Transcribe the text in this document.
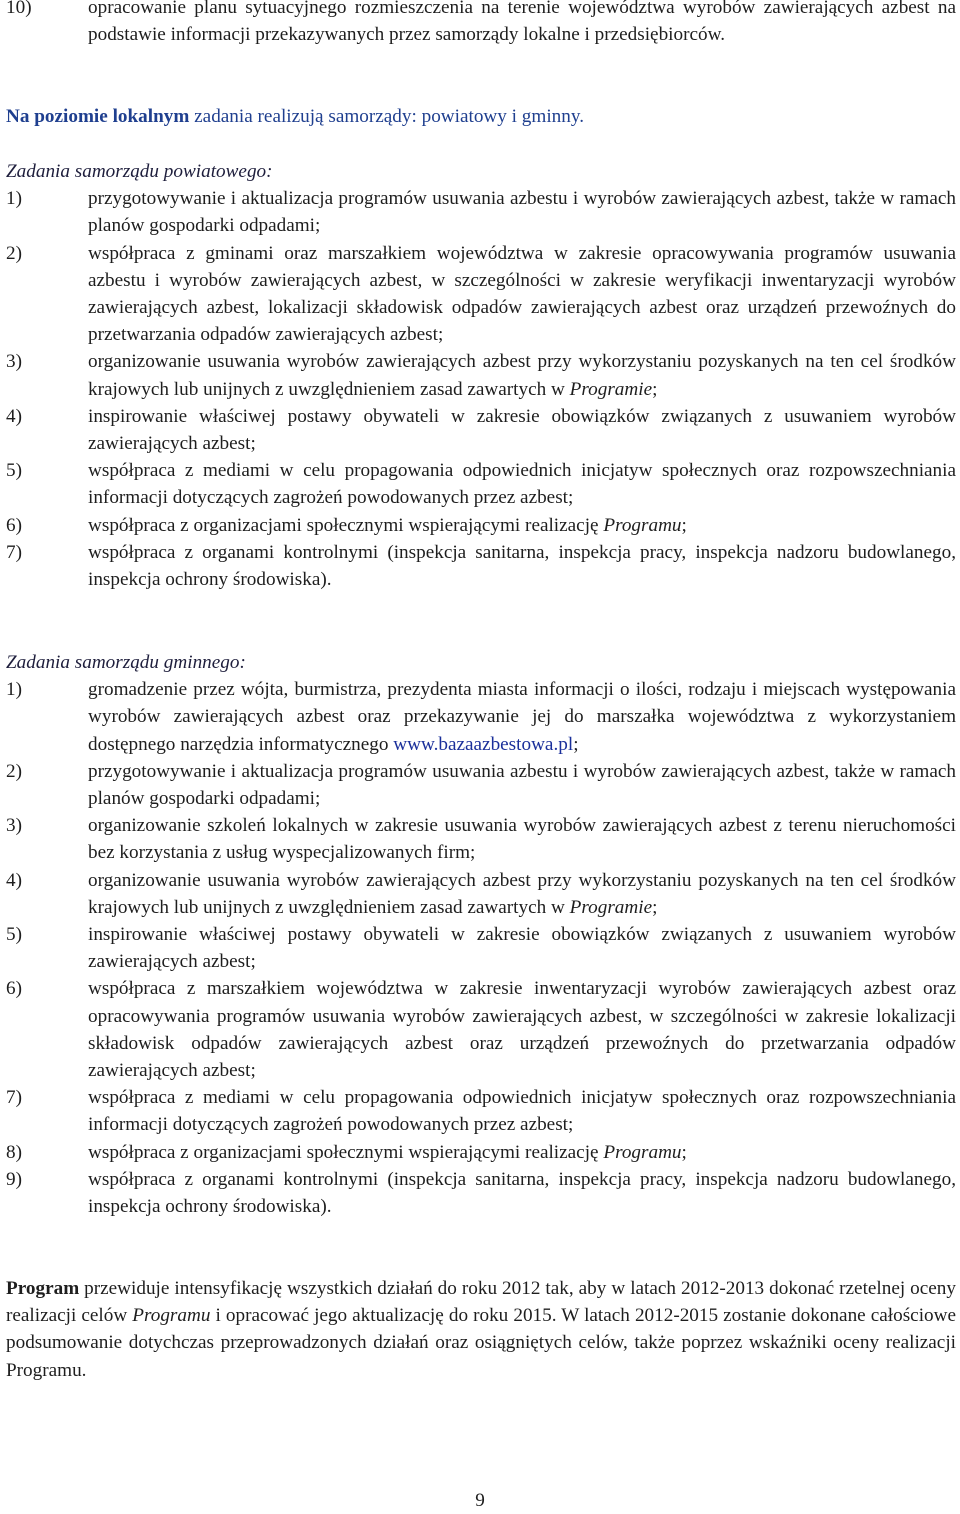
10)	opracowanie planu sytuacyjnego rozmieszczenia na terenie województwa wyrobów zawierających azbest na podstawie informacji przekazywanych przez samorządy lokalne i przedsiębiorców.
Na poziomie lokalnym zadania realizują samorządy: powiatowy i gminny.
Zadania samorządu powiatowego:
1)	przygotowywanie i aktualizacja programów usuwania azbestu i wyrobów zawierających azbest, także w ramach planów gospodarki odpadami;
2)	współpraca z gminami oraz marszałkiem województwa w zakresie opracowywania programów usuwania azbestu i wyrobów zawierających azbest, w szczególności w zakresie weryfikacji inwentaryzacji wyrobów zawierających azbest, lokalizacji składowisk odpadów zawierających azbest oraz urządzeń przewoźnych do przetwarzania odpadów zawierających azbest;
3)	organizowanie usuwania wyrobów zawierających azbest przy wykorzystaniu pozyskanych na ten cel środków krajowych lub unijnych z uwzględnieniem zasad zawartych w Programie;
4)	inspirowanie właściwej postawy obywateli w zakresie obowiązków związanych z usuwaniem wyrobów zawierających azbest;
5)	współpraca z mediami w celu propagowania odpowiednich inicjatyw społecznych oraz rozpowszechniania informacji dotyczących zagrożeń powodowanych przez azbest;
6)	współpraca z organizacjami społecznymi wspierającymi realizację Programu;
7)	współpraca z organami kontrolnymi (inspekcja sanitarna, inspekcja pracy, inspekcja nadzoru budowlanego, inspekcja ochrony środowiska).
Zadania samorządu gminnego:
1)	gromadzenie przez wójta, burmistrza, prezydenta miasta informacji o ilości, rodzaju i miejscach występowania wyrobów zawierających azbest oraz przekazywanie jej do marszałka województwa z wykorzystaniem dostępnego narzędzia informatycznego www.bazaazbestowa.pl;
2)	przygotowywanie i aktualizacja programów usuwania azbestu i wyrobów zawierających azbest, także w ramach planów gospodarki odpadami;
3)	organizowanie szkoleń lokalnych w zakresie usuwania wyrobów zawierających azbest z terenu nieruchomości bez korzystania z usług wyspecjalizowanych firm;
4)	organizowanie usuwania wyrobów zawierających azbest przy wykorzystaniu pozyskanych na ten cel środków krajowych lub unijnych z uwzględnieniem zasad zawartych w Programie;
5)	inspirowanie właściwej postawy obywateli w zakresie obowiązków związanych z usuwaniem wyrobów zawierających azbest;
6)	współpraca z marszałkiem województwa w zakresie inwentaryzacji wyrobów zawierających azbest oraz opracowywania programów usuwania wyrobów zawierających azbest, w szczególności w zakresie lokalizacji składowisk odpadów zawierających azbest oraz urządzeń przewoźnych do przetwarzania odpadów zawierających azbest;
7)	współpraca z mediami w celu propagowania odpowiednich inicjatyw społecznych oraz rozpowszechniania informacji dotyczących zagrożeń powodowanych przez azbest;
8)	współpraca z organizacjami społecznymi wspierającymi realizację Programu;
9)	współpraca z organami kontrolnymi (inspekcja sanitarna, inspekcja pracy, inspekcja nadzoru budowlanego, inspekcja ochrony środowiska).
Program przewiduje intensyfikację wszystkich działań do roku 2012 tak, aby w latach 2012-2013 dokonać rzetelnej oceny realizacji celów Programu i opracować jego aktualizację do roku 2015. W latach 2012-2015 zostanie dokonane całościowe podsumowanie dotychczas przeprowadzonych działań oraz osiągniętych celów, także poprzez wskaźniki oceny realizacji Programu.
9
